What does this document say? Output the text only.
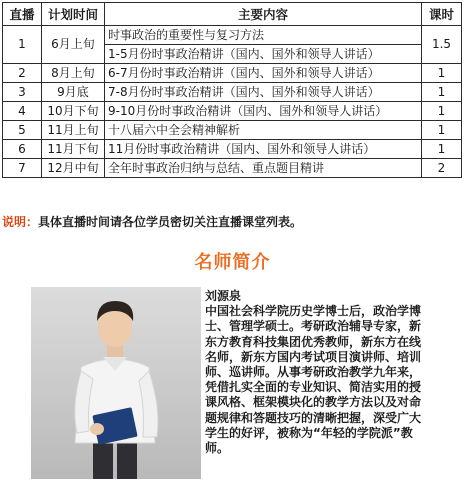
直播	计划时间	主要内容	课时
1	6月上旬	时事政治的重要性与复习方法	1.5
		1-5月份时事政治精讲（国内、国外和领导人讲话）	
2	8月上旬	6-7月份时事政治精讲（国内、国外和领导人讲话）	1
3	9月底	7-8月份时事政治精讲（国内、国外和领导人讲话）	1
4	10月下旬	9-10月份时事政治精讲（国内、国外和领导人讲话）	1
5	11月上旬	十八届六中全会精神解析	1
6	11月下旬	11月份时事政治精讲（国内、国外和领导人讲话）	1
7	12月中旬	全年时事政治归纳与总结、重点题目精讲	2
说明：具体直播时间请各位学员密切关注直播课堂列表。
名师简介
刘源泉
中国社会科学院历史学博士后，政治学博士、管理学硕士。考研政治辅导专家，新东方教育科技集团优秀教师，新东方在线名师，新东方国内考试项目演讲师、培训师、巡讲师。从事考研政治教学九年来，凭借扎实全面的专业知识、简洁实用的授课风格、框架模块化的教学方法以及对命题规律和答题技巧的清晰把握，深受广大学生的好评，被称为“年轻的学院派”教师。
